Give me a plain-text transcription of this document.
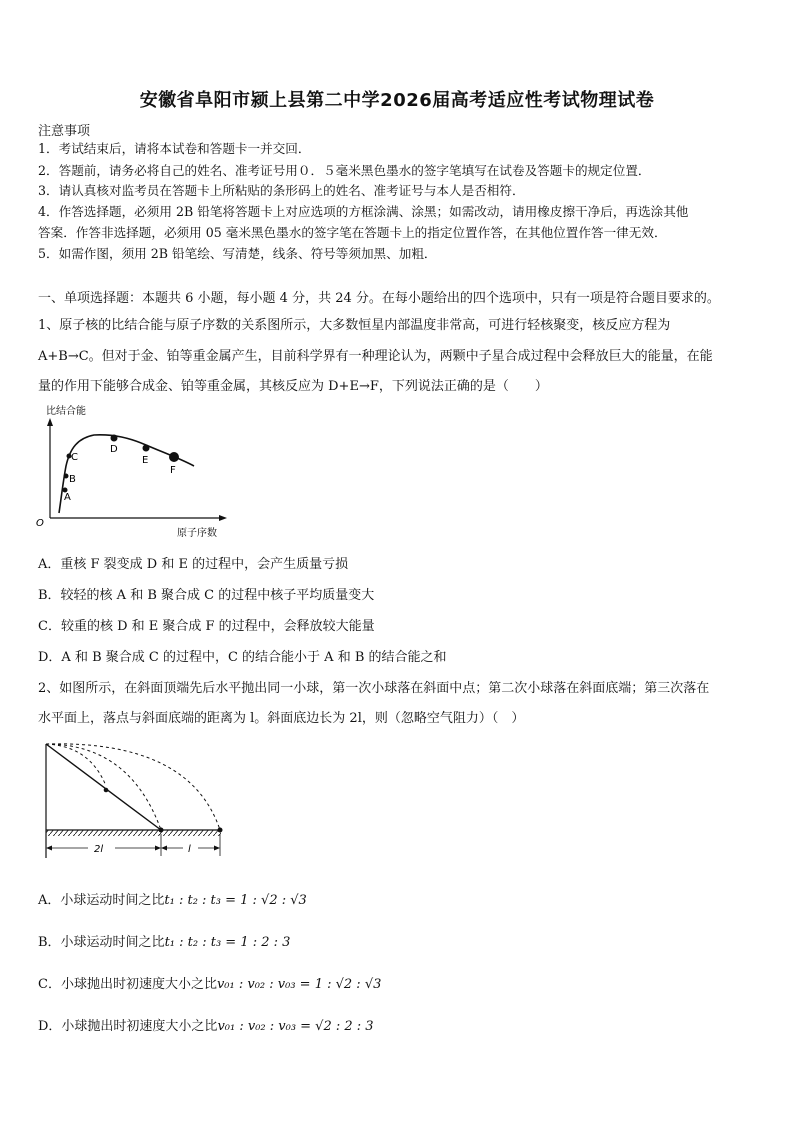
安徽省阜阳市颍上县第二中学2026届高考适应性考试物理试卷
注意事项
1．考试结束后，请将本试卷和答题卡一并交回．
2．答题前，请务必将自己的姓名、准考证号用０．５毫米黑色墨水的签字笔填写在试卷及答题卡的规定位置．
3．请认真核对监考员在答题卡上所粘贴的条形码上的姓名、准考证号与本人是否相符．
4．作答选择题，必须用 2B 铅笔将答题卡上对应选项的方框涂满、涂黑；如需改动，请用橡皮擦干净后，再选涂其他
答案．作答非选择题，必须用 05 毫米黑色墨水的签字笔在答题卡上的指定位置作答，在其他位置作答一律无效．
5．如需作图，须用 2B 铅笔绘、写清楚，线条、符号等须加黑、加粗．
一、单项选择题：本题共 6 小题，每小题 4 分，共 24 分。在每小题给出的四个选项中，只有一项是符合题目要求的。
1、原子核的比结合能与原子序数的关系图所示，大多数恒星内部温度非常高，可进行轻核聚变，核反应方程为
A+B→C。但对于金、铂等重金属产生，目前科学界有一种理论认为，两颗中子星合成过程中会释放巨大的能量，在能
量的作用下能够合成金、铂等重金属，其核反应为 D+E→F，下列说法正确的是（　　）
比结合能
O
原子序数
A
B
C
D
E
F
A．重核 F 裂变成 D 和 E 的过程中，会产生质量亏损
B．较轻的核 A 和 B 聚合成 C 的过程中核子平均质量变大
C．较重的核 D 和 E 聚合成 F 的过程中，会释放较大能量
D．A 和 B 聚合成 C 的过程中，C 的结合能小于 A 和 B 的结合能之和
2、如图所示，在斜面顶端先后水平抛出同一小球，第一次小球落在斜面中点；第二次小球落在斜面底端；第三次落在
水平面上，落点与斜面底端的距离为 l。斜面底边长为 2l，则（忽略空气阻力）（　）
2l	l
A．小球运动时间之比t₁ : t₂ : t₃ = 1 : √2 : √3
B．小球运动时间之比t₁ : t₂ : t₃ = 1 : 2 : 3
C．小球抛出时初速度大小之比v₀₁ : v₀₂ : v₀₃ = 1 : √2 : √3
D．小球抛出时初速度大小之比v₀₁ : v₀₂ : v₀₃ = √2 : 2 : 3
